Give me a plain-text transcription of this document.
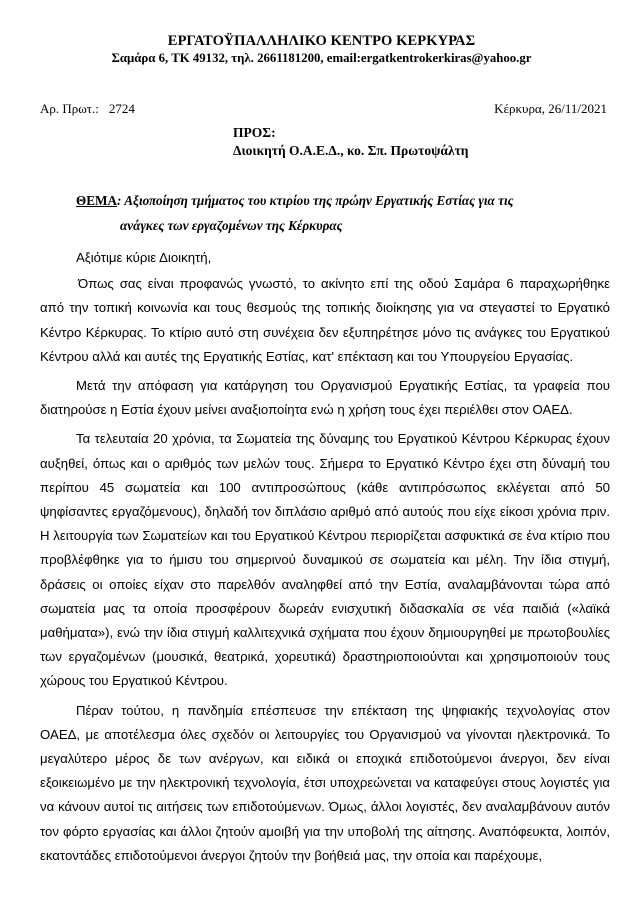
ΕΡΓΑΤΟΫΠΑΛΛΗΛΙΚΟ ΚΕΝΤΡΟ ΚΕΡΚΥΡΑΣ
Σαμάρα 6, ΤΚ 49132, τηλ. 2661181200, email:ergatkentrokerkiras@yahoo.gr
Αρ. Πρωτ.: 2724	Κέρκυρα, 26/11/2021
ΠΡΟΣ:
Διοικητή Ο.Α.Ε.Δ., κο. Σπ. Πρωτοψάλτη
ΘΕΜΑ: Αξιοποίηση τμήματος του κτιρίου της πρώην Εργατικής Εστίας για τις
ανάγκες των εργαζομένων της Κέρκυρας

Αξιότιμε κύριε Διοικητή,

Όπως σας είναι προφανώς γνωστό, το ακίνητο επί της οδού Σαμάρα 6 παραχωρήθηκε από την τοπική κοινωνία και τους θεσμούς της τοπικής διοίκησης για να στεγαστεί το Εργατικό Κέντρο Κέρκυρας. Το κτίριο αυτό στη συνέχεια δεν εξυπηρέτησε μόνο τις ανάγκες του Εργατικού Κέντρου αλλά και αυτές της Εργατικής Εστίας, κατ' επέκταση και του Υπουργείου Εργασίας.

Μετά την απόφαση για κατάργηση του Οργανισμού Εργατικής Εστίας, τα γραφεία που διατηρούσε η Εστία έχουν μείνει αναξιοποίητα ενώ η χρήση τους έχει περιέλθει στον ΟΑΕΔ.

Τα τελευταία 20 χρόνια, τα Σωματεία της δύναμης του Εργατικού Κέντρου Κέρκυρας έχουν αυξηθεί, όπως και ο αριθμός των μελών τους. Σήμερα το Εργατικό Κέντρο έχει στη δύναμή του περίπου 45 σωματεία και 100 αντιπροσώπους (κάθε αντιπρόσωπος εκλέγεται από 50 ψηφίσαντες εργαζόμενους), δηλαδή τον διπλάσιο αριθμό από αυτούς που είχε είκοσι χρόνια πριν. Η λειτουργία των Σωματείων και του Εργατικού Κέντρου περιορίζεται ασφυκτικά σε ένα κτίριο που προβλέφθηκε για το ήμισυ του σημερινού δυναμικού σε σωματεία και μέλη. Την ίδια στιγμή, δράσεις οι οποίες είχαν στο παρελθόν αναληφθεί από την Εστία, αναλαμβάνονται τώρα από σωματεία μας τα οποία προσφέρουν δωρεάν ενισχυτική διδασκαλία σε νέα παιδιά («λαϊκά μαθήματα»), ενώ την ίδια στιγμή καλλιτεχνικά σχήματα που έχουν δημιουργηθεί με πρωτοβουλίες των εργαζομένων (μουσικά, θεατρικά, χορευτικά) δραστηριοποιούνται και χρησιμοποιούν τους χώρους του Εργατικού Κέντρου.

Πέραν τούτου, η πανδημία επέσπευσε την επέκταση της ψηφιακής τεχνολογίας στον ΟΑΕΔ, με αποτέλεσμα όλες σχεδόν οι λειτουργίες του Οργανισμού να γίνονται ηλεκτρονικά. Το μεγαλύτερο μέρος δε των ανέργων, και ειδικά οι εποχικά επιδοτούμενοι άνεργοι, δεν είναι εξοικειωμένο με την ηλεκτρονική τεχνολογία, έτσι υποχρεώνεται να καταφεύγει στους λογιστές για να κάνουν αυτοί τις αιτήσεις των επιδοτούμενων. Όμως, άλλοι λογιστές, δεν αναλαμβάνουν αυτόν τον φόρτο εργασίας και άλλοι ζητούν αμοιβή για την υποβολή της αίτησης. Αναπόφευκτα, λοιπόν, εκατοντάδες επιδοτούμενοι άνεργοι ζητούν την βοήθειά μας, την οποία και παρέχουμε,
